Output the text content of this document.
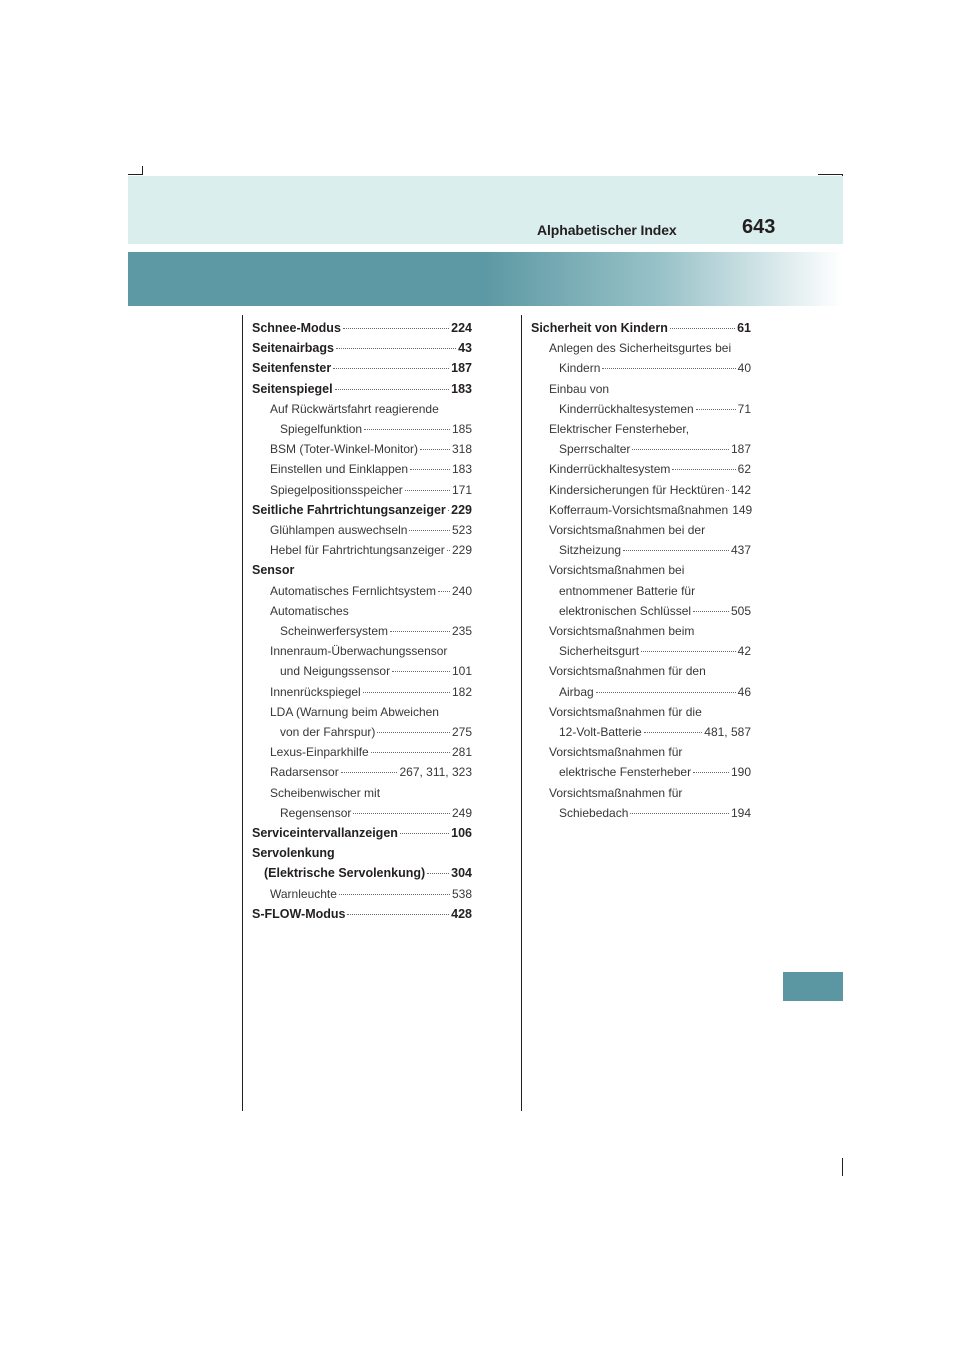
Alphabetischer Index	643
Schnee-Modus	224
Seitenairbags	43
Seitenfenster	187
Seitenspiegel	183
Auf Rückwärtsfahrt reagierende
Spiegelfunktion	185
BSM (Toter-Winkel-Monitor)	318
Einstellen und Einklappen	183
Spiegelpositionsspeicher	171
Seitliche Fahrtrichtungsanzeiger 229
Glühlampen auswechseln	523
Hebel für Fahrtrichtungsanzeiger 229
Sensor
Automatisches Fernlichtsystem 240
Automatisches
Scheinwerfersystem	235
Innenraum-Überwachungssensor
und Neigungssensor	101
Innenrückspiegel	182
LDA (Warnung beim Abweichen
von der Fahrspur)	275
Lexus-Einparkhilfe	281
Radarsensor	267, 311, 323
Scheibenwischer mit
Regensensor	249
Serviceintervallanzeigen	106
Servolenkung
(Elektrische Servolenkung) 304
Warnleuchte	538
S-FLOW-Modus	428
Sicherheit von Kindern	61
Anlegen des Sicherheitsgurtes bei
Kindern	40
Einbau von
Kinderrückhaltesystemen	71
Elektrischer Fensterheber,
Sperrschalter	187
Kinderrückhaltesystem	62
Kindersicherungen für Hecktüren 142
Kofferraum-Vorsichtsmaßnahmen 149
Vorsichtsmaßnahmen bei der
Sitzheizung	437
Vorsichtsmaßnahmen bei
entnommener Batterie für
elektronischen Schlüssel	505
Vorsichtsmaßnahmen beim
Sicherheitsgurt	42
Vorsichtsmaßnahmen für den
Airbag	46
Vorsichtsmaßnahmen für die
12-Volt-Batterie	481, 587
Vorsichtsmaßnahmen für
elektrische Fensterheber	190
Vorsichtsmaßnahmen für
Schiebedach	194
